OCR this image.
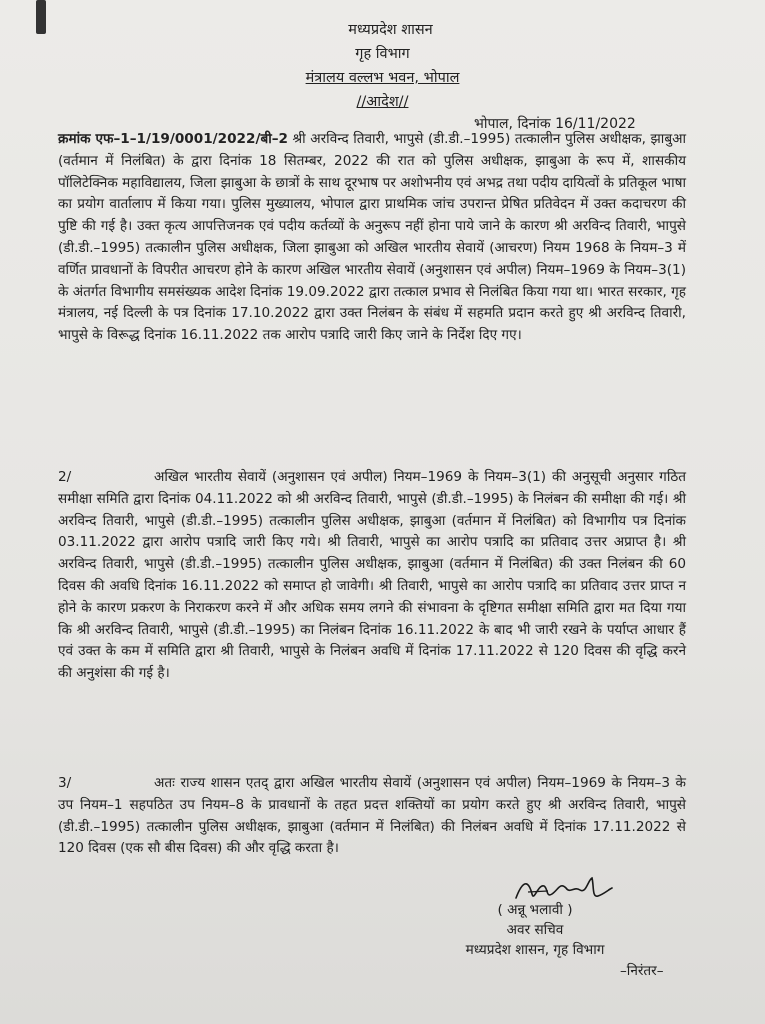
मध्यप्रदेश शासन
गृह विभाग
मंत्रालय वल्लभ भवन, भोपाल
//आदेश//
भोपाल, दिनांक 16/11/2022
क्रमांक एफ–1–1/19/0001/2022/बी–2 श्री अरविन्द तिवारी, भापुसे (डी.डी.–1995) तत्कालीन पुलिस अधीक्षक, झाबुआ (वर्तमान में निलंबित) के द्वारा दिनांक 18 सितम्बर, 2022 की रात को पुलिस अधीक्षक, झाबुआ के रूप में, शासकीय पॉलिटेक्निक महाविद्यालय, जिला झाबुआ के छात्रों के साथ दूरभाष पर अशोभनीय एवं अभद्र तथा पदीय दायित्वों के प्रतिकूल भाषा का प्रयोग वार्तालाप में किया गया। पुलिस मुख्यालय, भोपाल द्वारा प्राथमिक जांच उपरान्त प्रेषित प्रतिवेदन में उक्त कदाचरण की पुष्टि की गई है। उक्त कृत्य आपत्तिजनक एवं पदीय कर्तव्यों के अनुरूप नहीं होना पाये जाने के कारण श्री अरविन्द तिवारी, भापुसे (डी.डी.–1995) तत्कालीन पुलिस अधीक्षक, जिला झाबुआ को अखिल भारतीय सेवायें (आचरण) नियम 1968 के नियम–3 में वर्णित प्रावधानों के विपरीत आचरण होने के कारण अखिल भारतीय सेवायें (अनुशासन एवं अपील) नियम–1969 के नियम–3(1) के अंतर्गत विभागीय समसंख्यक आदेश दिनांक 19.09.2022 द्वारा तत्काल प्रभाव से निलंबित किया गया था। भारत सरकार, गृह मंत्रालय, नई दिल्ली के पत्र दिनांक 17.10.2022 द्वारा उक्त निलंबन के संबंध में सहमति प्रदान करते हुए श्री अरविन्द तिवारी, भापुसे के विरूद्ध दिनांक 16.11.2022 तक आरोप पत्रादि जारी किए जाने के निर्देश दिए गए।
2/	अखिल भारतीय सेवायें (अनुशासन एवं अपील) नियम–1969 के नियम–3(1) की अनुसूची अनुसार गठित समीक्षा समिति द्वारा दिनांक 04.11.2022 को श्री अरविन्द तिवारी, भापुसे (डी.डी.–1995) के निलंबन की समीक्षा की गई। श्री अरविन्द तिवारी, भापुसे (डी.डी.–1995) तत्कालीन पुलिस अधीक्षक, झाबुआ (वर्तमान में निलंबित) को विभागीय पत्र दिनांक 03.11.2022 द्वारा आरोप पत्रादि जारी किए गये। श्री तिवारी, भापुसे का आरोप पत्रादि का प्रतिवाद उत्तर अप्राप्त है। श्री अरविन्द तिवारी, भापुसे (डी.डी.–1995) तत्कालीन पुलिस अधीक्षक, झाबुआ (वर्तमान में निलंबित) की उक्त निलंबन की 60 दिवस की अवधि दिनांक 16.11.2022 को समाप्त हो जावेगी। श्री तिवारी, भापुसे का आरोप पत्रादि का प्रतिवाद उत्तर प्राप्त न होने के कारण प्रकरण के निराकरण करने में और अधिक समय लगने की संभावना के दृष्टिगत समीक्षा समिति द्वारा मत दिया गया कि श्री अरविन्द तिवारी, भापुसे (डी.डी.–1995) का निलंबन दिनांक 16.11.2022 के बाद भी जारी रखने के पर्याप्त आधार हैं एवं उक्त के कम में समिति द्वारा श्री तिवारी, भापुसे के निलंबन अवधि में दिनांक 17.11.2022 से 120 दिवस की वृद्धि करने की अनुशंसा की गई है।
3/	अतः राज्य शासन एतद् द्वारा अखिल भारतीय सेवायें (अनुशासन एवं अपील) नियम–1969 के नियम–3 के उप नियम–1 सहपठित उप नियम–8 के प्रावधानों के तहत प्रदत्त शक्तियों का प्रयोग करते हुए श्री अरविन्द तिवारी, भापुसे (डी.डी.–1995) तत्कालीन पुलिस अधीक्षक, झाबुआ (वर्तमान में निलंबित) की निलंबन अवधि में दिनांक 17.11.2022 से 120 दिवस (एक सौ बीस दिवस) की और वृद्धि करता है।
( अन्नू भलावी )
अवर सचिव
मध्यप्रदेश शासन, गृह विभाग
–निरंतर–
